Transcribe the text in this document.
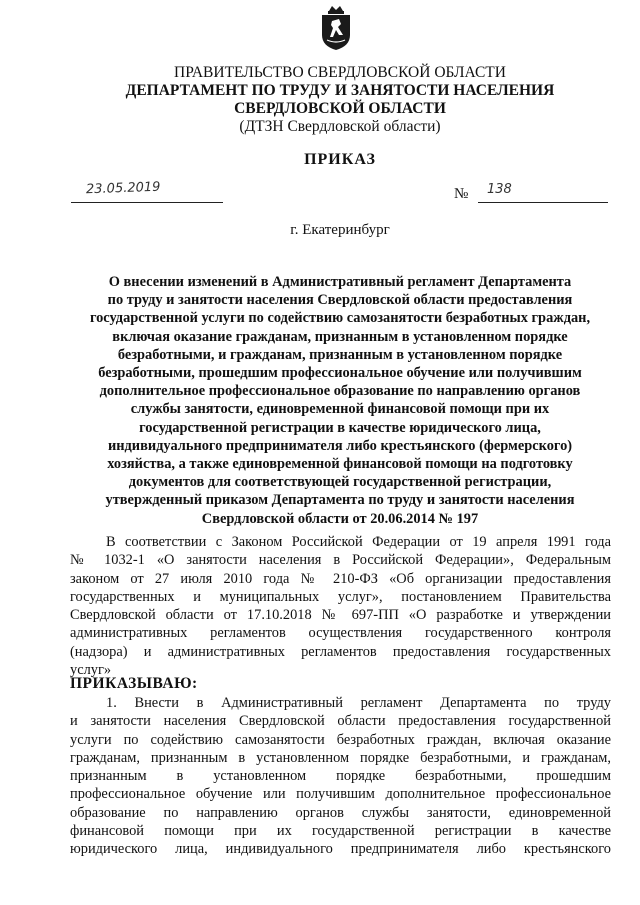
ПРАВИТЕЛЬСТВО СВЕРДЛОВСКОЙ ОБЛАСТИ
ДЕПАРТАМЕНТ ПО ТРУДУ И ЗАНЯТОСТИ НАСЕЛЕНИЯ
СВЕРДЛОВСКОЙ ОБЛАСТИ
(ДТЗН Свердловской области)
ПРИКАЗ
23.05.2019	№ 138
г. Екатеринбург
О внесении изменений в Административный регламент Департамента
по труду и занятости населения Свердловской области предоставления
государственной услуги по содействию самозанятости безработных граждан,
включая оказание гражданам, признанным в установленном порядке
безработными, и гражданам, признанным в установленном порядке
безработными, прошедшим профессиональное обучение или получившим
дополнительное профессиональное образование по направлению органов
службы занятости, единовременной финансовой помощи при их
государственной регистрации в качестве юридического лица,
индивидуального предпринимателя либо крестьянского (фермерского)
хозяйства, а также единовременной финансовой помощи на подготовку
документов для соответствующей государственной регистрации,
утвержденный приказом Департамента по труду и занятости населения
Свердловской области от 20.06.2014 № 197
В соответствии с Законом Российской Федерации от 19 апреля 1991 года
№ 1032-1 «О занятости населения в Российской Федерации», Федеральным
законом от 27 июля 2010 года № 210-ФЗ «Об организации предоставления
государственных и муниципальных услуг», постановлением Правительства
Свердловской области от 17.10.2018 № 697-ПП «О разработке и утверждении
административных регламентов осуществления государственного контроля
(надзора) и административных регламентов предоставления государственных
услуг»
ПРИКАЗЫВАЮ:
1. Внести в Административный регламент Департамента по труду
и занятости населения Свердловской области предоставления государственной
услуги по содействию самозанятости безработных граждан, включая оказание
гражданам, признанным в установленном порядке безработными, и гражданам,
признанным в установленном порядке безработными, прошедшим
профессиональное обучение или получившим дополнительное профессиональное
образование по направлению органов службы занятости, единовременной
финансовой помощи при их государственной регистрации в качестве
юридического лица, индивидуального предпринимателя либо крестьянского
